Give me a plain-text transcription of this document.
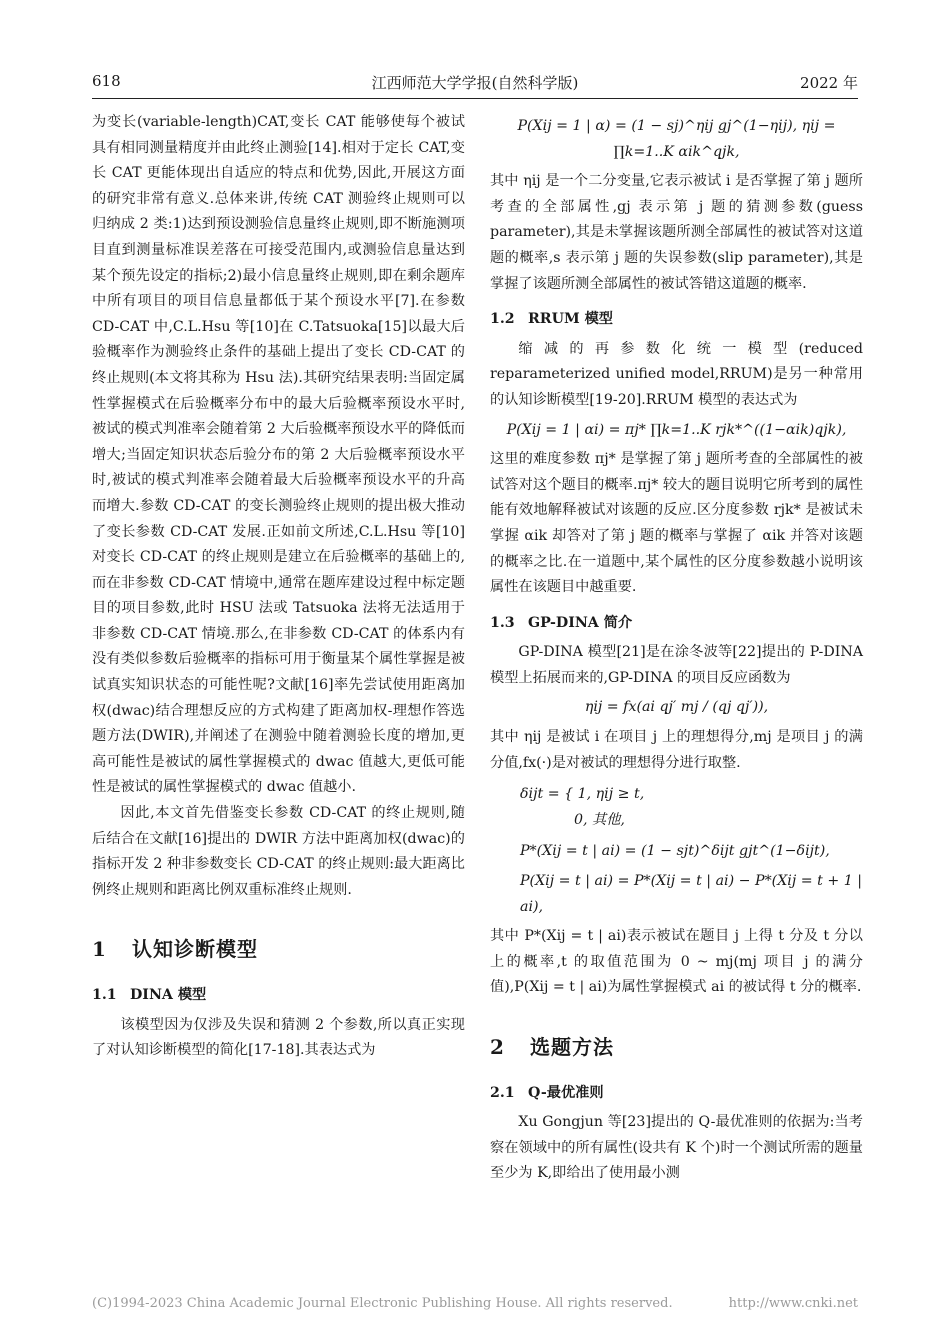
618	江西师范大学学报(自然科学版)	2022 年

为变长(variable-length)CAT,变长 CAT 能够使每个被试具有相同测量精度并由此终止测验[14].相对于定长 CAT,变长 CAT 更能体现出自适应的特点和优势,因此,开展这方面的研究非常有意义.总体来讲,传统 CAT 测验终止规则可以归纳成 2 类:1)达到预设测验信息量终止规则,即不断施测项目直到测量标准误差落在可接受范围内,或测验信息量达到某个预先设定的指标;2)最小信息量终止规则,即在剩余题库中所有项目的项目信息量都低于某个预设水平[7].在参数 CD-CAT 中,C.L.Hsu 等[10]在 C.Tatsuoka[15]以最大后验概率作为测验终止条件的基础上提出了变长 CD-CAT 的终止规则(本文将其称为 Hsu 法).其研究结果表明:当固定属性掌握模式在后验概率分布中的最大后验概率预设水平时,被试的模式判准率会随着第 2 大后验概率预设水平的降低而增大;当固定知识状态后验分布的第 2 大后验概率预设水平时,被试的模式判准率会随着最大后验概率预设水平的升高而增大.参数 CD-CAT 的变长测验终止规则的提出极大推动了变长参数 CD-CAT 发展.正如前文所述,C.L.Hsu 等[10]对变长 CD-CAT 的终止规则是建立在后验概率的基础上的,而在非参数 CD-CAT 情境中,通常在题库建设过程中标定题目的项目参数,此时 HSU 法或 Tatsuoka 法将无法适用于非参数 CD-CAT 情境.那么,在非参数 CD-CAT 的体系内有没有类似参数后验概率的指标可用于衡量某个属性掌握是被试真实知识状态的可能性呢?文献[16]率先尝试使用距离加权(dwac)结合理想反应的方式构建了距离加权-理想作答选题方法(DWIR),并阐述了在测验中随着测验长度的增加,更高可能性是被试的属性掌握模式的 dwac 值越大,更低可能性是被试的属性掌握模式的 dwac 值越小.

因此,本文首先借鉴变长参数 CD-CAT 的终止规则,随后结合在文献[16]提出的 DWIR 方法中距离加权(dwac)的指标开发 2 种非参数变长 CD-CAT 的终止规则:最大距离比例终止规则和距离比例双重标准终止规则.

1 认知诊断模型

1.1 DINA 模型

该模型因为仅涉及失误和猜测 2 个参数,所以真正实现了对认知诊断模型的简化[17-18].其表达式为

P(Xij = 1 | α) = (1 − sj)^ηij gj^(1−ηij), ηij = ∏k=1..K αik^qjk,

其中 ηij 是一个二分变量,它表示被试 i 是否掌握了第 j 题所考查的全部属性,gj 表示第 j 题的猜测参数(guess parameter),其是未掌握该题所测全部属性的被试答对这道题的概率,s 表示第 j 题的失误参数(slip parameter),其是掌握了该题所测全部属性的被试答错这道题的概率.

1.2 RRUM 模型

缩减的再参数化统一模型(reduced reparameterized unified model,RRUM)是另一种常用的认知诊断模型[19-20].RRUM 模型的表达式为

P(Xij = 1 | αi) = πj* ∏k=1..K rjk*^((1−αik)qjk),

这里的难度参数 πj* 是掌握了第 j 题所考查的全部属性的被试答对这个题目的概率.πj* 较大的题目说明它所考到的属性能有效地解释被试对该题的反应.区分度参数 rjk* 是被试未掌握 αik 却答对了第 j 题的概率与掌握了 αik 并答对该题的概率之比.在一道题中,某个属性的区分度参数越小说明该属性在该题目中越重要.

1.3 GP-DINA 简介

GP-DINA 模型[21]是在涂冬波等[22]提出的 P-DINA 模型上拓展而来的,GP-DINA 的项目反应函数为

ηij = fx(ai qj′ mj / (qj qj′)),

其中 ηij 是被试 i 在项目 j 上的理想得分,mj 是项目 j 的满分值,fx(·)是对被试的理想得分进行取整.

δijt = { 1, ηij ≥ t,
0, 其他,

P*(Xij = t | ai) = (1 − sjt)^δijt gjt^(1−δijt),

P(Xij = t | ai) = P*(Xij = t | ai) − P*(Xij = t + 1 | ai),

其中 P*(Xij = t | ai)表示被试在题目 j 上得 t 分及 t 分以上的概率,t 的取值范围为 0 ~ mj(mj 项目 j 的满分值),P(Xij = t | ai)为属性掌握模式 ai 的被试得 t 分的概率.

2 选题方法

2.1 Q-最优准则

Xu Gongjun 等[23]提出的 Q-最优准则的依据为:当考察在领域中的所有属性(设共有 K 个)时一个测试所需的题量至少为 K,即给出了使用最小测

(C)1994-2023 China Academic Journal Electronic Publishing House. All rights reserved.	http://www.cnki.net
